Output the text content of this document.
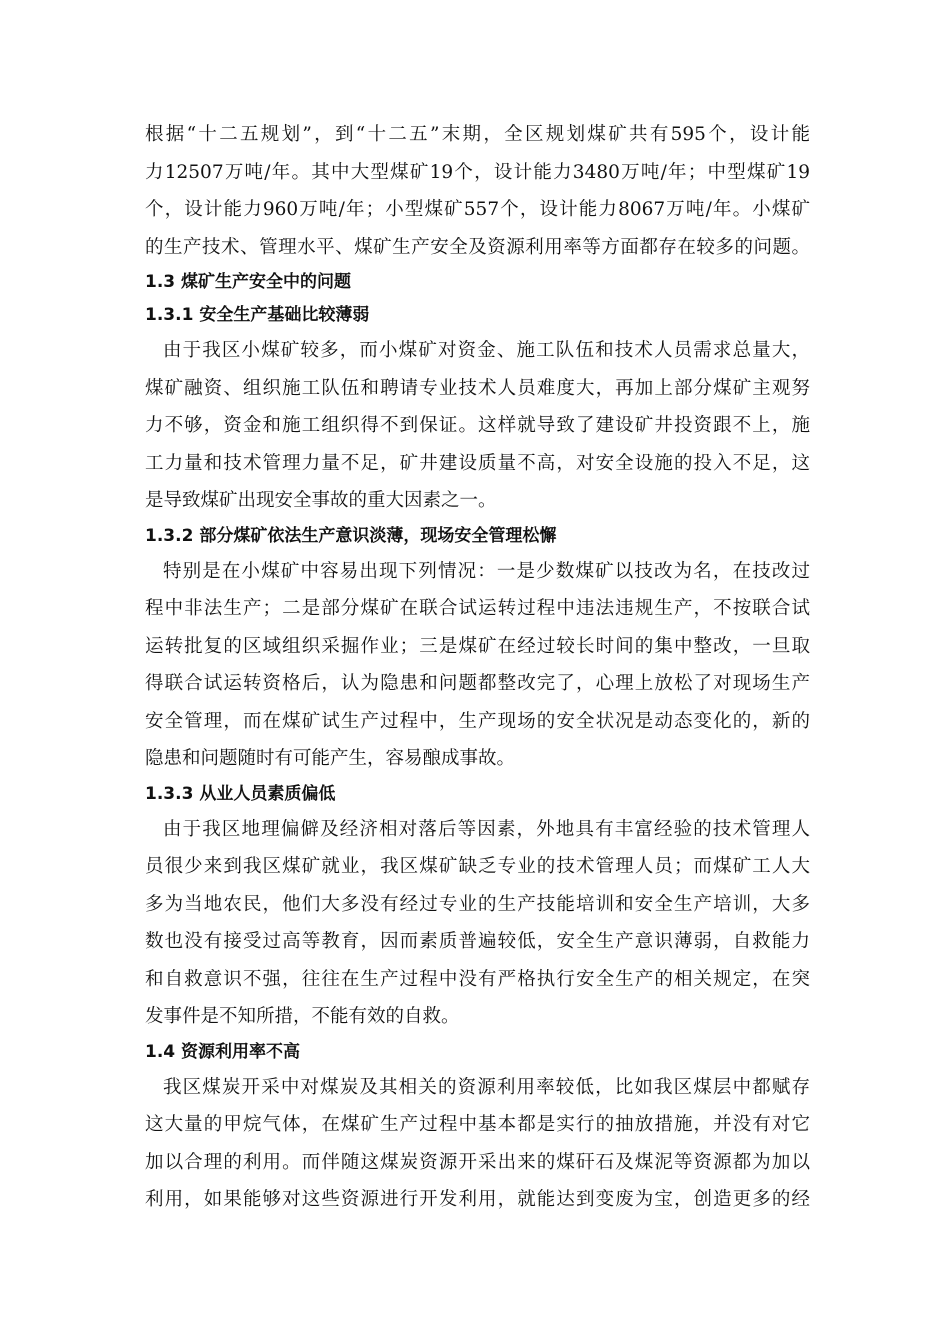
根据“十二五规划”，到“十二五”末期，全区规划煤矿共有595个，设计能
力12507万吨/年。其中大型煤矿19个，设计能力3480万吨/年；中型煤矿19
个，设计能力960万吨/年；小型煤矿557个，设计能力8067万吨/年。小煤矿
的生产技术、管理水平、煤矿生产安全及资源利用率等方面都存在较多的问题。
1.3 煤矿生产安全中的问题
1.3.1 安全生产基础比较薄弱
由于我区小煤矿较多，而小煤矿对资金、施工队伍和技术人员需求总量大，
煤矿融资、组织施工队伍和聘请专业技术人员难度大，再加上部分煤矿主观努
力不够，资金和施工组织得不到保证。这样就导致了建设矿井投资跟不上，施
工力量和技术管理力量不足，矿井建设质量不高，对安全设施的投入不足，这
是导致煤矿出现安全事故的重大因素之一。
1.3.2 部分煤矿依法生产意识淡薄，现场安全管理松懈
特别是在小煤矿中容易出现下列情况：一是少数煤矿以技改为名，在技改过
程中非法生产；二是部分煤矿在联合试运转过程中违法违规生产，不按联合试
运转批复的区域组织采掘作业；三是煤矿在经过较长时间的集中整改，一旦取
得联合试运转资格后，认为隐患和问题都整改完了，心理上放松了对现场生产
安全管理，而在煤矿试生产过程中，生产现场的安全状况是动态变化的，新的
隐患和问题随时有可能产生，容易酿成事故。
1.3.3 从业人员素质偏低
由于我区地理偏僻及经济相对落后等因素，外地具有丰富经验的技术管理人
员很少来到我区煤矿就业，我区煤矿缺乏专业的技术管理人员；而煤矿工人大
多为当地农民，他们大多没有经过专业的生产技能培训和安全生产培训，大多
数也没有接受过高等教育，因而素质普遍较低，安全生产意识薄弱，自救能力
和自救意识不强，往往在生产过程中没有严格执行安全生产的相关规定，在突
发事件是不知所措，不能有效的自救。
1.4 资源利用率不高
我区煤炭开采中对煤炭及其相关的资源利用率较低，比如我区煤层中都赋存
这大量的甲烷气体，在煤矿生产过程中基本都是实行的抽放措施，并没有对它
加以合理的利用。而伴随这煤炭资源开采出来的煤矸石及煤泥等资源都为加以
利用，如果能够对这些资源进行开发利用，就能达到变废为宝，创造更多的经
